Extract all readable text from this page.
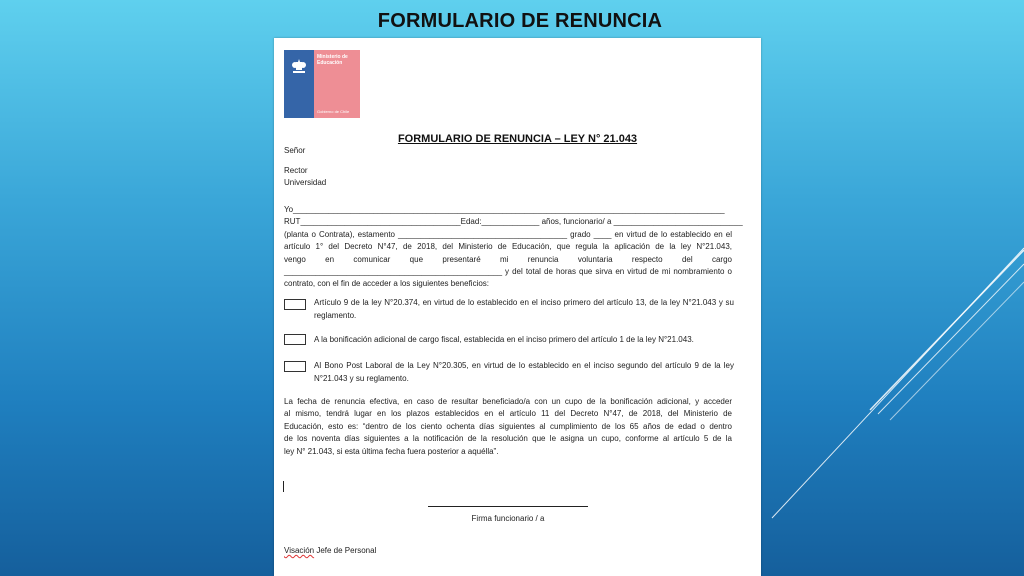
FORMULARIO DE RENUNCIA
Ministerio de Educación
Gobierno de Chile
FORMULARIO DE RENUNCIA – LEY N° 21.043
Señor
Rector
Universidad
Yo_________________________________________________________________________________________________
RUT____________________________________Edad:_____________ años, funcionario/ a _____________________________
(planta o Contrata), estamento ______________________________________ grado ____ en virtud de lo establecido en el
artículo 1° del Decreto N°47, de 2018, del Ministerio de Educación, que regula la aplicación de la ley N°21.043,
vengo en comunicar que presentaré mi renuncia voluntaria respecto del cargo
_________________________________________________ y del total de horas que sirva en virtud de mi nombramiento o
contrato, con el fin de acceder a los siguientes beneficios:
Artículo 9 de la ley N°20.374, en virtud de lo establecido en el inciso primero del artículo 13, de la ley N°21.043 y su reglamento.
A la bonificación adicional de cargo fiscal, establecida en el inciso primero del artículo 1 de la ley N°21.043.
Al Bono Post Laboral de la Ley N°20.305, en virtud de lo establecido en el inciso segundo del artículo 9 de la ley N°21.043 y su reglamento.
La fecha de renuncia efectiva, en caso de resultar beneficiado/a con un cupo de la bonificación adicional, y acceder
al mismo, tendrá lugar en los plazos establecidos en el artículo 11 del Decreto N°47, de 2018, del Ministerio de
Educación, esto es: “dentro de los ciento ochenta días siguientes al cumplimiento de los 65 años de edad o dentro
de los noventa días siguientes a la notificación de la resolución que le asigna un cupo, conforme al artículo 5 de la
ley N° 21.043, si esta última fecha fuera posterior a aquélla”.
Firma funcionario / a
Visación Jefe de Personal
